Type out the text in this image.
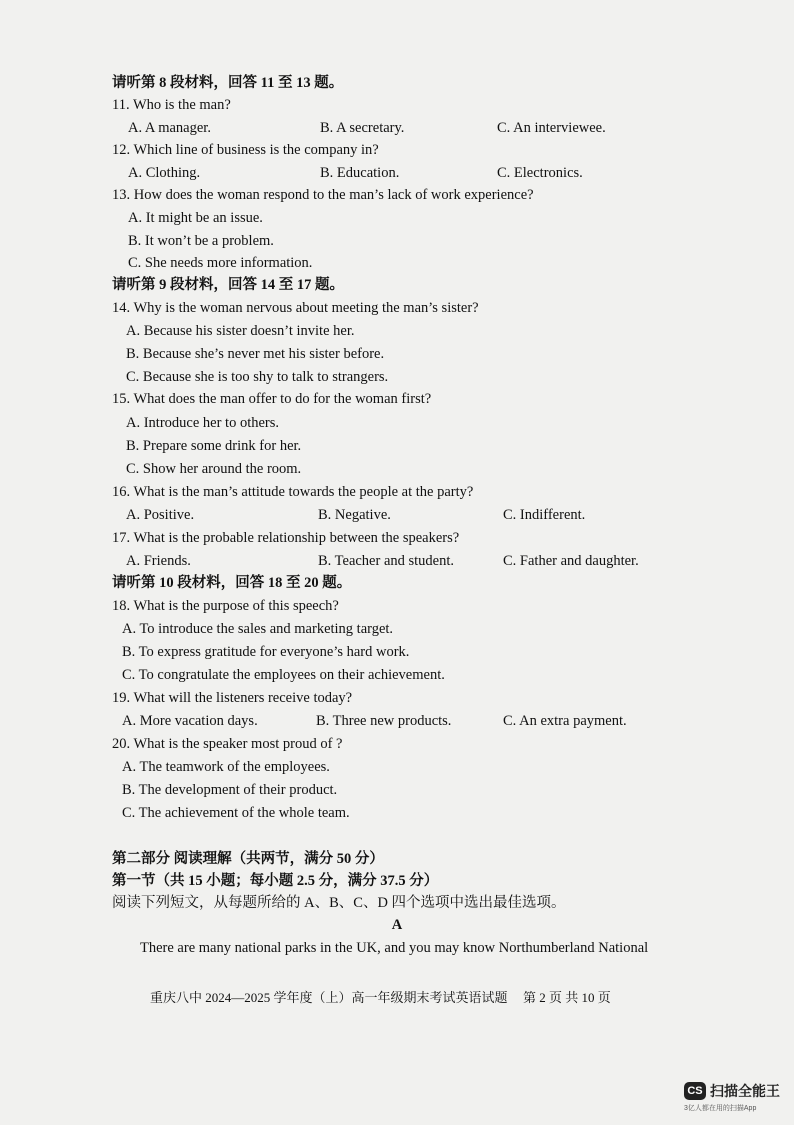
请听第 8 段材料，回答 11 至 13 题。
11. Who is the man?
A. A manager.	B. A secretary.	C. An interviewee.
12. Which line of business is the company in?
A. Clothing.	B. Education.	C. Electronics.
13. How does the woman respond to the man’s lack of work experience?
A. It might be an issue.
B. It won’t be a problem.
C. She needs more information.
请听第 9 段材料，回答 14 至 17 题。
14. Why is the woman nervous about meeting the man’s sister?
A. Because his sister doesn’t invite her.
B. Because she’s never met his sister before.
C. Because she is too shy to talk to strangers.
15. What does the man offer to do for the woman first?
A. Introduce her to others.
B. Prepare some drink for her.
C. Show her around the room.
16. What is the man’s attitude towards the people at the party?
A. Positive.	B. Negative.	C. Indifferent.
17. What is the probable relationship between the speakers?
A. Friends.	B. Teacher and student.	C. Father and daughter.
请听第 10 段材料，回答 18 至 20 题。
18. What is the purpose of this speech?
A. To introduce the sales and marketing target.
B. To express gratitude for everyone’s hard work.
C. To congratulate the employees on their achievement.
19. What will the listeners receive today?
A. More vacation days.	B. Three new products.	C. An extra payment.
20. What is the speaker most proud of ?
A. The teamwork of the employees.
B. The development of their product.
C. The achievement of the whole team.
第二部分 阅读理解（共两节，满分 50 分）
第一节（共 15 小题；每小题 2.5 分，满分 37.5 分）
阅读下列短文，从每题所给的 A、B、C、D 四个选项中选出最佳选项。
A
There are many national parks in the UK, and you may know Northumberland National
重庆八中 2024—2025 学年度（上）高一年级期末考试英语试题 第 2 页 共 10 页
CS 扫描全能王
3亿人都在用的扫描App
